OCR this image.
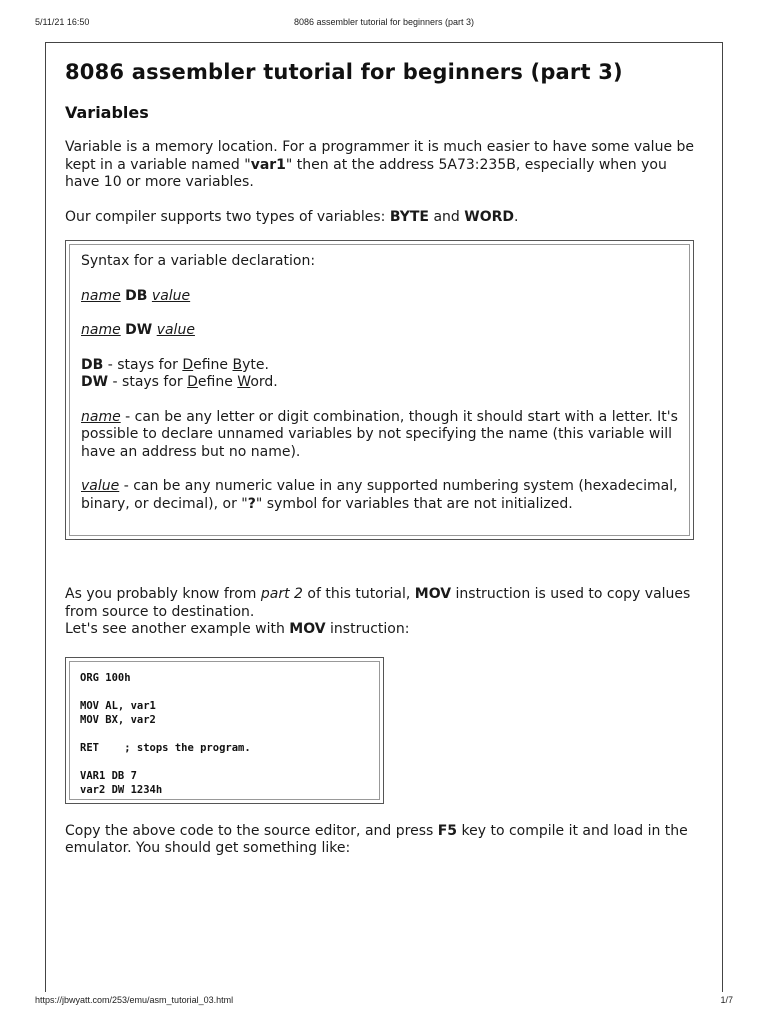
5/11/21 16:50	8086 assembler tutorial for beginners (part 3)
8086 assembler tutorial for beginners (part 3)
Variables

Variable is a memory location. For a programmer it is much easier to have some value be kept in a variable named "var1" then at the address 5A73:235B, especially when you have 10 or more variables.

Our compiler supports two types of variables: BYTE and WORD.

Syntax for a variable declaration:

name DB value

name DW value

DB - stays for Define Byte.

DW - stays for Define Word.

name - can be any letter or digit combination, though it should start with a letter. It's possible to declare unnamed variables by not specifying the name (this variable will have an address but no name).

value - can be any numeric value in any supported numbering system (hexadecimal, binary, or decimal), or "?" symbol for variables that are not initialized.

As you probably know from part 2 of this tutorial, MOV instruction is used to copy values from source to destination.
Let's see another example with MOV instruction:

ORG 100h
MOV AL, var1
MOV BX, var2
RET    ; stops the program.
VAR1 DB 7
var2 DW 1234h

Copy the above code to the source editor, and press F5 key to compile it and load in the emulator. You should get something like:

https://jbwyatt.com/253/emu/asm_tutorial_03.html	1/7
